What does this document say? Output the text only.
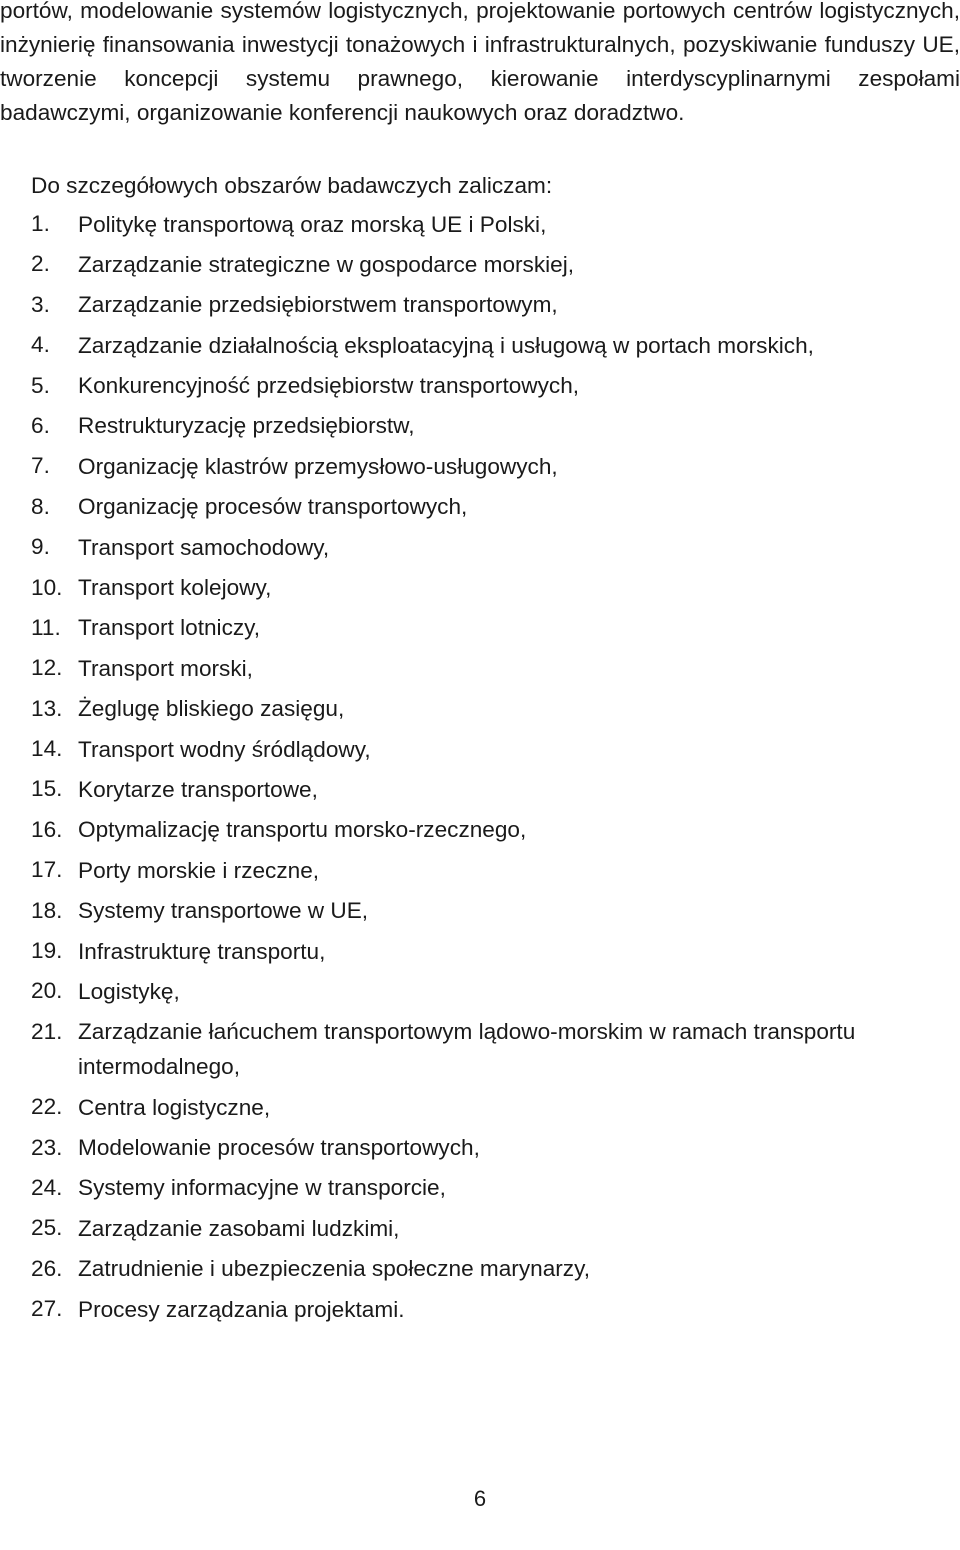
portów, modelowanie systemów logistycznych, projektowanie portowych centrów logistycznych, inżynierię finansowania inwestycji tonażowych i infrastrukturalnych, pozyskiwanie funduszy UE, tworzenie koncepcji systemu prawnego, kierowanie interdyscyplinarnymi zespołami badawczymi, organizowanie konferencji naukowych oraz doradztwo.

Do szczegółowych obszarów badawczych zaliczam:
1.	Politykę transportową oraz morską UE i Polski,
2.	Zarządzanie strategiczne w gospodarce morskiej,
3.	Zarządzanie przedsiębiorstwem transportowym,
4.	Zarządzanie działalnością eksploatacyjną i usługową w portach morskich,
5.	Konkurencyjność przedsiębiorstw transportowych,
6.	Restrukturyzację przedsiębiorstw,
7.	Organizację klastrów przemysłowo-usługowych,
8.	Organizację procesów transportowych,
9.	Transport samochodowy,
10. Transport kolejowy,
11. Transport lotniczy,
12. Transport morski,
13. Żeglugę bliskiego zasięgu,
14. Transport wodny śródlądowy,
15. Korytarze transportowe,
16. Optymalizację transportu morsko-rzecznego,
17. Porty morskie i rzeczne,
18. Systemy transportowe w UE,
19. Infrastrukturę transportu,
20. Logistykę,
21. Zarządzanie łańcuchem transportowym lądowo-morskim w ramach transportu intermodalnego,
22. Centra logistyczne,
23. Modelowanie procesów transportowych,
24. Systemy informacyjne w transporcie,
25. Zarządzanie zasobami ludzkimi,
26. Zatrudnienie i ubezpieczenia społeczne marynarzy,
27. Procesy zarządzania projektami.
6
